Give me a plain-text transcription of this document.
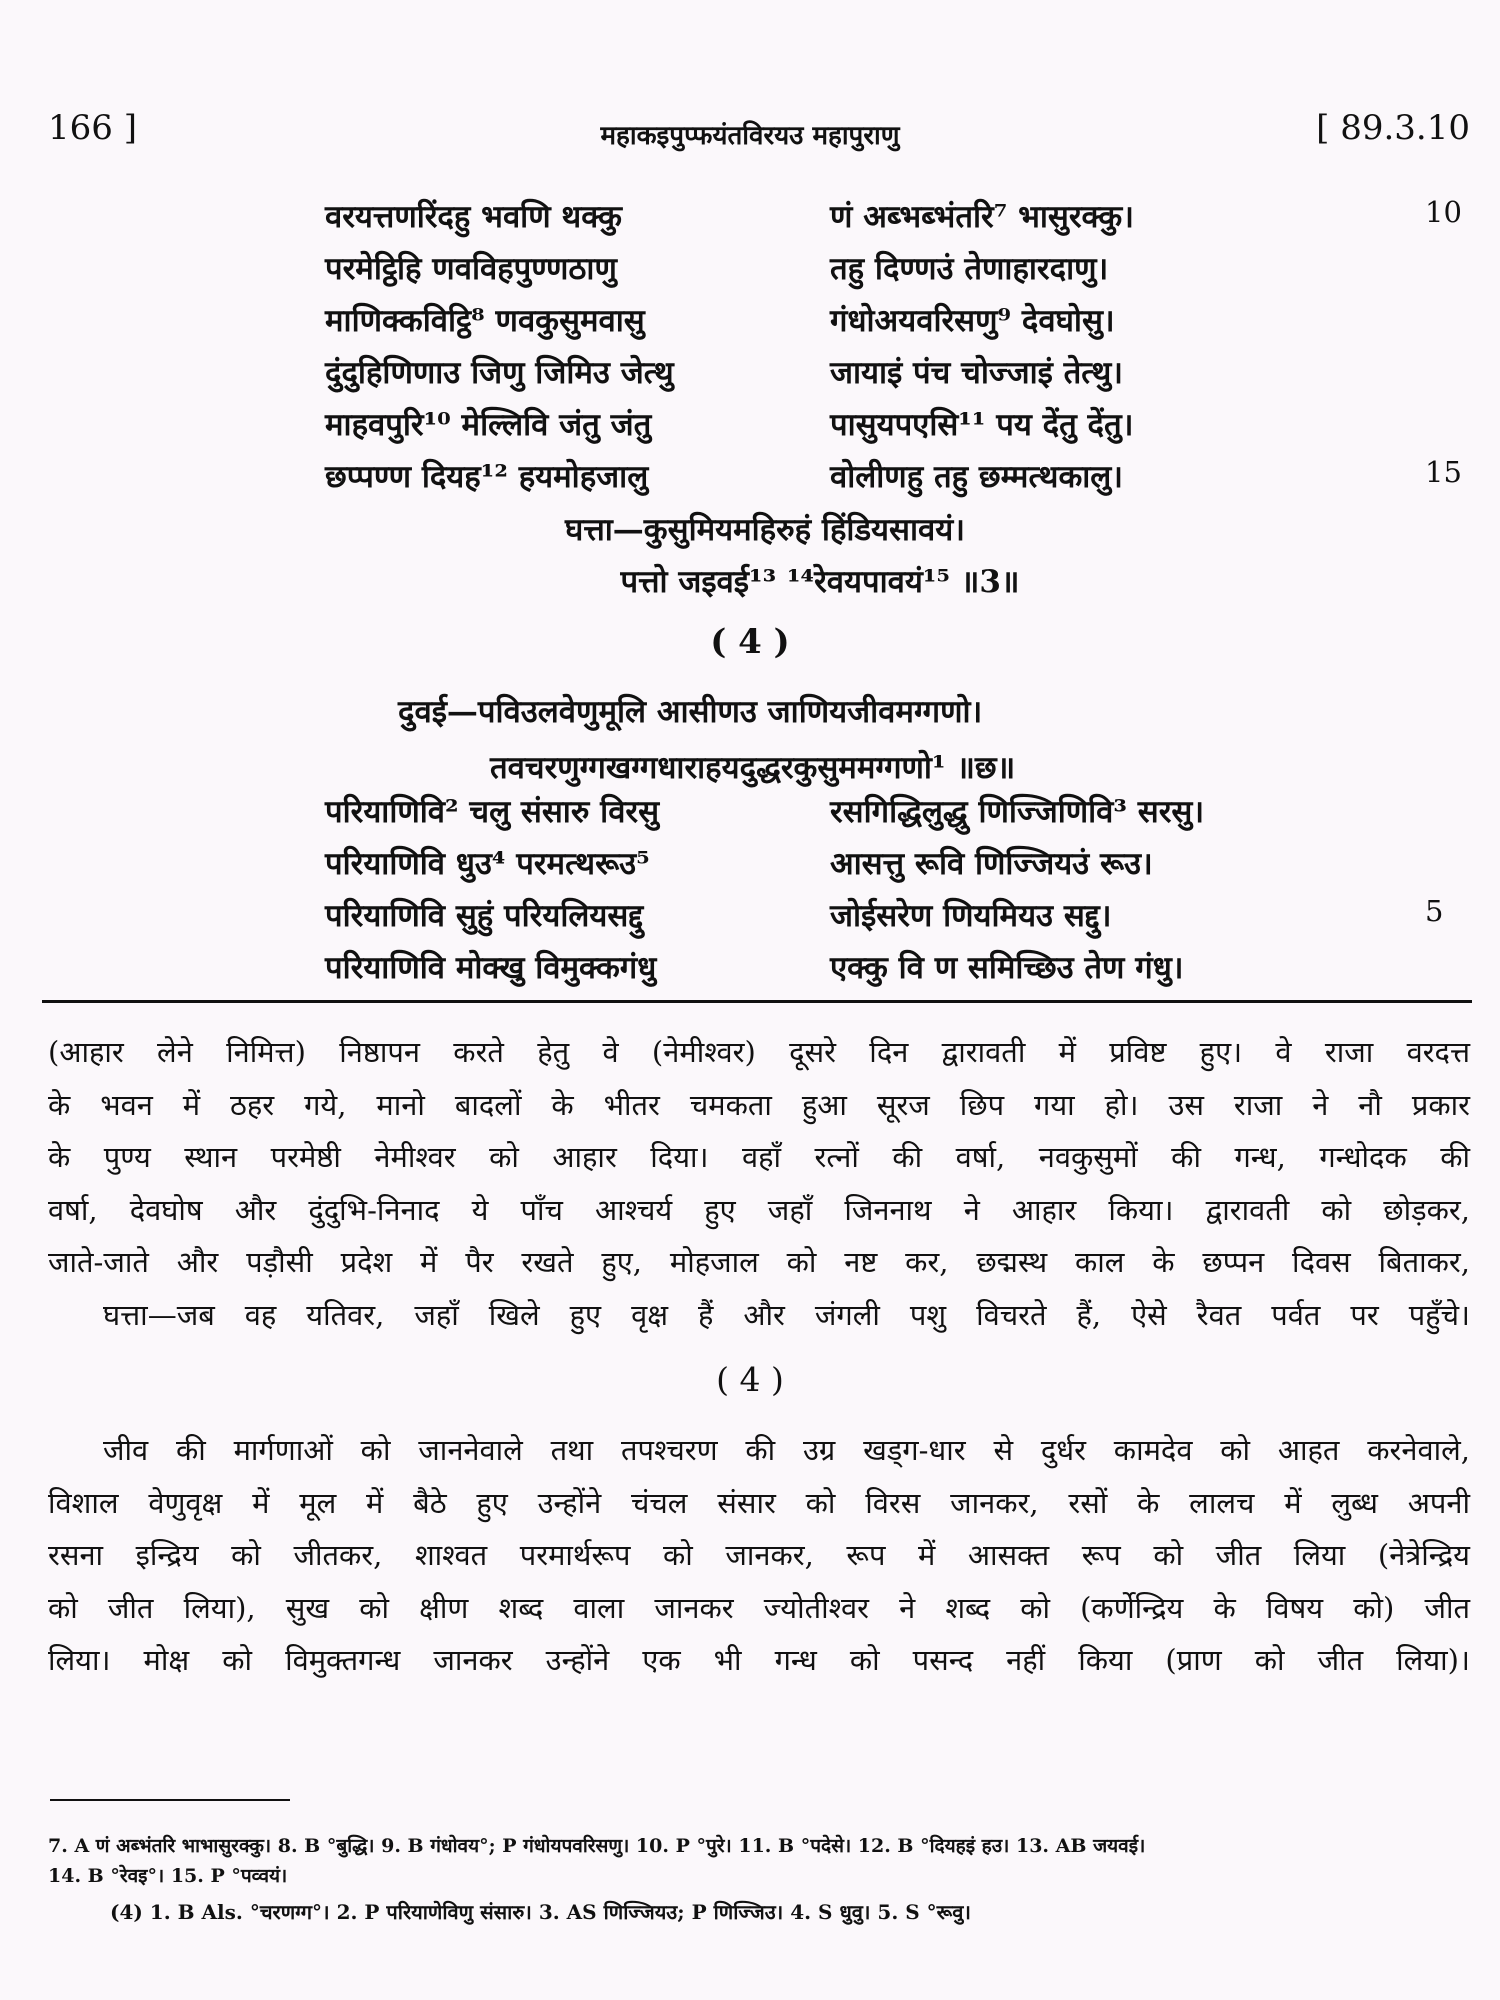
166 ]	महाकइपुप्फयंतविरयउ महापुराणु	[ 89.3.10
वरयत्तणरिंदहु भवणि थक्कु	णं अब्भब्भंतरि⁷ भासुरक्कु।	10
परमेट्ठिहि णवविहपुण्णठाणु	तहु दिण्णउं तेणाहारदाणु।
माणिक्कविट्ठि⁸ णवकुसुमवासु	गंधोअयवरिसणु⁹ देवघोसु।
दुंदुहिणिणाउ जिणु जिमिउ जेत्थु	जायाइं पंच चोज्जाइं तेत्थु।
माहवपुरि¹⁰ मेल्लिवि जंतु जंतु	पासुयपएसि¹¹ पय देंतु देंतु।
छप्पण्ण दियह¹² हयमोहजालु	वोलीणहु तहु छम्मत्थकालु।	15
घत्ता—कुसुमियमहिरुहं हिंडियसावयं।
पत्तो जइवई¹³ ¹⁴रेवयपावयं¹⁵ ॥3॥
( 4 )
दुवई—पविउलवेणुमूलि आसीणउ जाणियजीवमग्गणो।
तवचरणुग्गखग्गधाराहयदुद्धरकुसुममग्गणो¹ ॥छ॥
परियाणिवि² चलु संसारु विरसु	रसगिद्धिलुद्धु णिज्जिणिवि³ सरसु।
परियाणिवि धुउ⁴ परमत्थरूउ⁵	आसत्तु रूवि णिज्जियउं रूउ।
परियाणिवि सुहुं परियलियसद्दु	जोईसरेण णियमियउ सद्दु।	5
परियाणिवि मोक्खु विमुक्कगंधु	एक्कु वि ण समिच्छिउ तेण गंधु।
(आहार लेने निमित्त) निष्ठापन करते हेतु वे (नेमीश्वर) दूसरे दिन द्वारावती में प्रविष्ट हुए। वे राजा वरदत्त
के भवन में ठहर गये, मानो बादलों के भीतर चमकता हुआ सूरज छिप गया हो। उस राजा ने नौ प्रकार
के पुण्य स्थान परमेष्ठी नेमीश्वर को आहार दिया। वहाँ रत्नों की वर्षा, नवकुसुमों की गन्ध, गन्धोदक की
वर्षा, देवघोष और दुंदुभि-निनाद ये पाँच आश्चर्य हुए जहाँ जिननाथ ने आहार किया। द्वारावती को छोड़कर,
जाते-जाते और पड़ौसी प्रदेश में पैर रखते हुए, मोहजाल को नष्ट कर, छद्मस्थ काल के छप्पन दिवस बिताकर,
घत्ता—जब वह यतिवर, जहाँ खिले हुए वृक्ष हैं और जंगली पशु विचरते हैं, ऐसे रैवत पर्वत पर पहुँचे।
( 4 )
जीव की मार्गणाओं को जाननेवाले तथा तपश्चरण की उग्र खड्ग-धार से दुर्धर कामदेव को आहत करनेवाले,
विशाल वेणुवृक्ष में मूल में बैठे हुए उन्होंने चंचल संसार को विरस जानकर, रसों के लालच में लुब्ध अपनी
रसना इन्द्रिय को जीतकर, शाश्वत परमार्थरूप को जानकर, रूप में आसक्त रूप को जीत लिया (नेत्रेन्द्रिय
को जीत लिया), सुख को क्षीण शब्द वाला जानकर ज्योतीश्वर ने शब्द को (कर्णेन्द्रिय के विषय को) जीत
लिया। मोक्ष को विमुक्तगन्ध जानकर उन्होंने एक भी गन्ध को पसन्द नहीं किया (प्राण को जीत लिया)।
7. A णं अब्भंतरि भाभासुरक्कु। 8. B °बुद्धि। 9. B गंधोवय°; P गंधोयपवरिसणु। 10. P °पुरे। 11. B °पदेसे। 12. B °दियहइं हउ। 13. AB जयवई।
14. B °रेवइ°। 15. P °पव्वयं।
(4) 1. B Als. °चरणग्ग°। 2. P परियाणेविणु संसारु। 3. AS णिज्जियउ; P णिज्जिउ। 4. S धुवु। 5. S °रूवु।
